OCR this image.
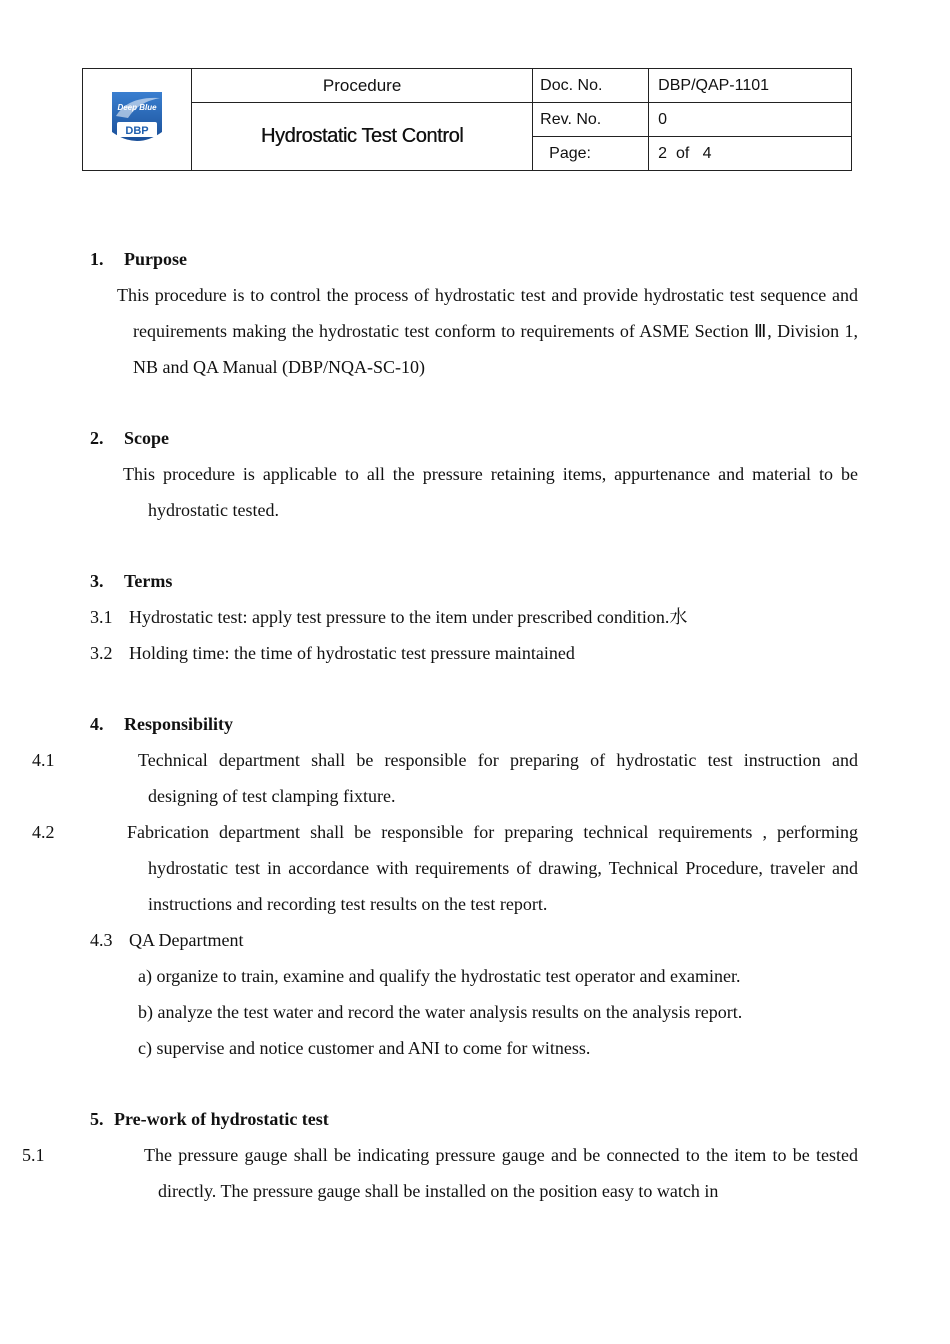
Deep Blue
DBP	Procedure	Doc. No.	DBP/QAP-1101
	Hydrostatic Test Control	Rev. No.	0
		Page:	2  of   4
1. Purpose
This procedure is to control the process of hydrostatic test and provide hydrostatic test sequence and requirements making the hydrostatic test conform to requirements of ASME Section Ⅲ, Division 1, NB and QA Manual (DBP/NQA-SC-10)
2. Scope
This procedure is applicable to all the pressure retaining items, appurtenance and material to be hydrostatic tested.
3. Terms
3.1 Hydrostatic test: apply test pressure to the item under prescribed condition.水
3.2 Holding time: the time of hydrostatic test pressure maintained
4. Responsibility
4.1	Technical department shall be responsible for preparing of hydrostatic test instruction and designing of test clamping fixture.
4.2	Fabrication department shall be responsible for preparing technical requirements , performing hydrostatic test in accordance with requirements of drawing, Technical Procedure, traveler and instructions and recording test results on the test report.
4.3 QA Department
a) organize to train, examine and qualify the hydrostatic test operator and examiner.
b) analyze the test water and record the water analysis results on the analysis report.
c) supervise and notice customer and ANI to come for witness.
5. Pre-work of hydrostatic test
5.1	The pressure gauge shall be indicating pressure gauge and be connected to the item to be tested directly. The pressure gauge shall be installed on the position easy to watch in
